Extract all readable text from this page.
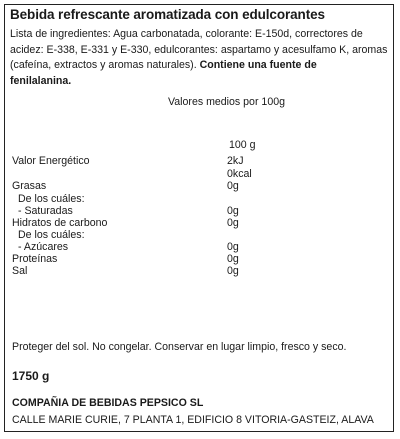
Bebida refrescante aromatizada con edulcorantes
Lista de ingredientes: Agua carbonatada, colorante: E-150d, correctores de
acidez: E-338, E-331 y E-330, edulcorantes: aspartamo y acesulfamo K, aromas
(cafeína, extractos y aromas naturales). Contiene una fuente de
fenilalanina.
Valores medios por 100g
100 g
Valor Energético	2kJ
0kcal
Grasas	0g
De los cuáles:
- Saturadas	0g
Hidratos de carbono	0g
De los cuáles:
- Azúcares	0g
Proteínas	0g
Sal	0g
Proteger del sol. No congelar. Conservar en lugar limpio, fresco y seco.
1750 g
COMPAÑIA DE BEBIDAS PEPSICO SL
CALLE MARIE CURIE, 7 PLANTA 1, EDIFICIO 8 VITORIA-GASTEIZ, ALAVA
